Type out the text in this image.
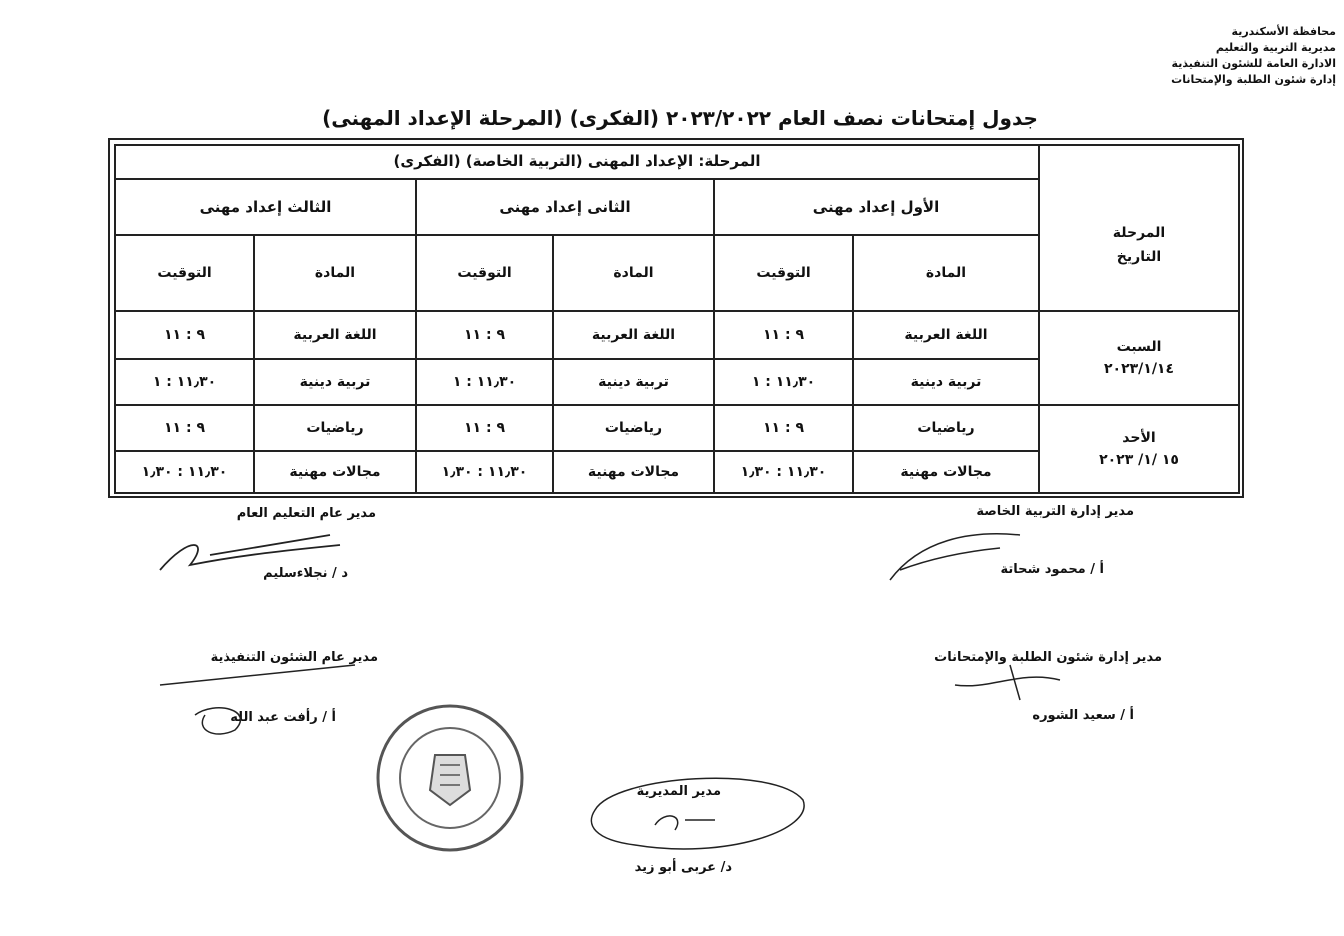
محافظة الأسكندرية
مديرية التربية والتعليم
الادارة العامة للشئون التنفيذية
إدارة شئون الطلبة والإمتحانات
جدول إمتحانات نصف العام ٢٠٢٣/٢٠٢٢ (الفكرى) (المرحلة الإعداد المهنى)
المرحلة: الإعداد المهنى (التربية الخاصة) (الفكرى)
المرحلة
التاريخ
الأول إعداد مهنى
الثانى إعداد مهنى
الثالث إعداد مهنى
المادة
التوقيت
المادة
التوقيت
المادة
التوقيت
السبت
٢٠٢٣/١/١٤
الأحد
١٥ /١/ ٢٠٢٣
اللغة العربية
٩ : ١١
اللغة العربية
٩ : ١١
اللغة العربية
٩ : ١١
تربية دينية
١١٫٣٠ : ١
تربية دينية
١١٫٣٠ : ١
تربية دينية
١١٫٣٠ : ١
رياضيات
٩ : ١١
رياضيات
٩ : ١١
رياضيات
٩ : ١١
مجالات مهنية
١١٫٣٠ : ١٫٣٠
مجالات مهنية
١١٫٣٠ : ١٫٣٠
مجالات مهنية
١١٫٣٠ : ١٫٣٠
مدير إدارة التربية الخاصة
أ / محمود شحاتة
مدير عام التعليم العام
د / نجلاءسليم
مدير إدارة شئون الطلبة والإمتحانات
أ / سعيد الشوره
مدير عام الشئون التنفيذية
أ / رأفت عبد الله
مدير المديرية
د/ عربى أبو زيد
